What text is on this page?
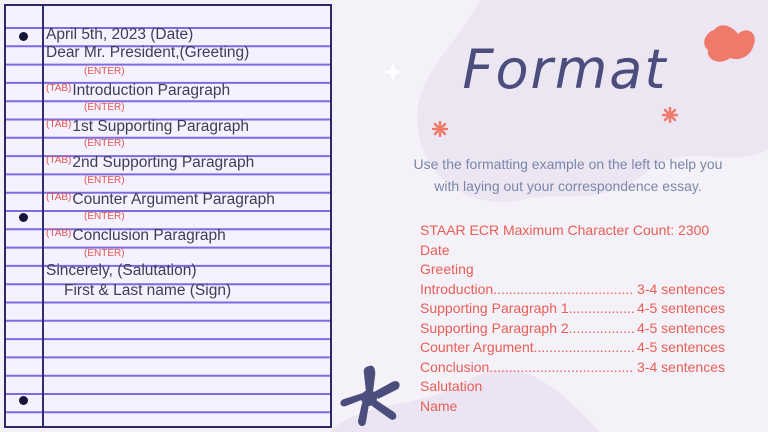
April 5th, 2023 (Date)
Dear Mr. President,(Greeting)
(ENTER)
$^{(TAB)}$Introduction Paragraph
(ENTER)
$^{(TAB)}$1st Supporting Paragraph
(ENTER)
$^{(TAB)}$2nd Supporting Paragraph
(ENTER)
$^{(TAB)}$Counter Argument Paragraph
(ENTER)
$^{(TAB)}$Conclusion Paragraph
(ENTER)
Sincerely, (Salutation)
First & Last name (Sign)
Format
Use the formatting example on the left to help you with laying out your correspondence essay.
STAAR ECR Maximum Character Count: 2300
Date
Greeting
Introduction .....	3-4 sentences
Supporting Paragraph 1 .....	4-5 sentences
Supporting Paragraph 2 .....	4-5 sentences
Counter Argument .....	4-5 sentences
Conclusion .....	3-4 sentences
Salutation
Name
